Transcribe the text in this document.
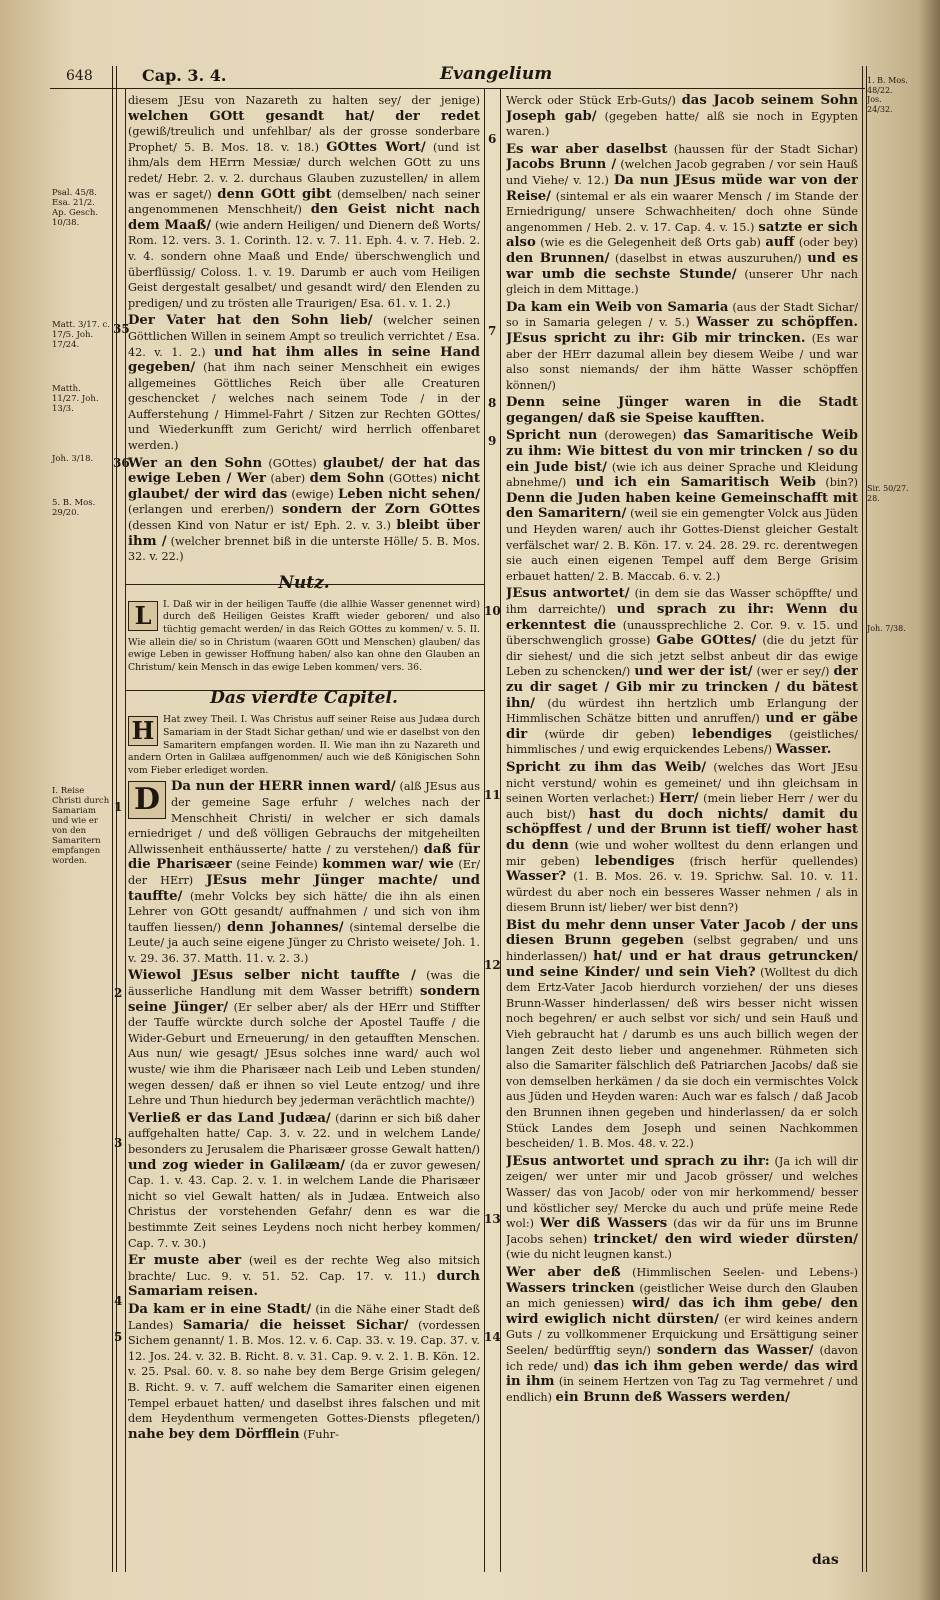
648	Cap. 3. 4.	Evangelium
Psal. 45/8. Esa. 21/2. Ap. Gesch. 10/38.
Matt. 3/17. c. 17/5. Joh. 17/24.
Matth. 11/27. Joh. 13/3.
Joh. 3/18.
5. B. Mos. 29/20.
I. Reise Christi durch Samariam und wie er von den Samaritern empfangen worden.
1. B. Mos. 48/22. Jos. 24/32.
Sir. 50/27. 28.
Joh. 7/38.
35
36
1
2
3
4
5
6
7
8
9
10
11
12
13
14

diesem JEsu von Nazareth zu halten sey/ der jenige) welchen GOtt gesandt hat/ der redet (gewiß/treulich und unfehlbar/ als der grosse sonderbare Prophet/ 5. B. Mos. 18. v. 18.) GOttes Wort/ (und ist ihm/als dem HErrn Messiæ/ durch welchen GOtt zu uns redet/ Hebr. 2. v. 2. durchaus Glauben zuzustellen/ in allem was er saget/) denn GOtt gibt (demselben/ nach seiner angenommenen Menschheit/) den Geist nicht nach dem Maaß/ (wie andern Heiligen/ und Dienern deß Worts/ Rom. 12. vers. 3. 1. Corinth. 12. v. 7. 11. Eph. 4. v. 7. Heb. 2. v. 4. sondern ohne Maaß und Ende/ überschwenglich und überflüssig/ Coloss. 1. v. 19. Darumb er auch vom Heiligen Geist dergestalt gesalbet/ und gesandt wird/ den Elenden zu predigen/ und zu trösten alle Traurigen/ Esa. 61. v. 1. 2.)

Der Vater hat den Sohn lieb/ (welcher seinen Göttlichen Willen in seinem Ampt so treulich verrichtet / Esa. 42. v. 1. 2.) und hat ihm alles in seine Hand gegeben/ (hat ihm nach seiner Menschheit ein ewiges allgemeines Göttliches Reich über alle Creaturen geschencket / welches nach seinem Tode / in der Aufferstehung / Himmel-Fahrt / Sitzen zur Rechten GOttes/ und Wiederkunfft zum Gericht/ wird herrlich offenbaret werden.)

Wer an den Sohn (GOttes) glaubet/ der hat das ewige Leben / Wer (aber) dem Sohn (GOttes) nicht glaubet/ der wird das (ewige) Leben nicht sehen/ (erlangen und ererben/) sondern der Zorn GOttes (dessen Kind von Natur er ist/ Eph. 2. v. 3.) bleibt über ihm / (welcher brennet biß in die unterste Hölle/ 5. B. Mos. 32. v. 22.)

Nutz.

L	I. Daß wir in der heiligen Tauffe (die allhie Wasser genennet wird) durch deß Heiligen Geistes Krafft wieder geboren/ und also tüchtig gemacht werden/ in das Reich GOttes zu kommen/ v. 5. II. Wie allein die/ so in Christum (waaren GOtt und Menschen) glauben/ das ewige Leben in gewisser Hoffnung haben/ also kan ohne den Glauben an Christum/ kein Mensch in das ewige Leben kommen/ vers. 36.

Das vierdte Capitel.

H Hat zwey Theil. I. Was Christus auff seiner Reise aus Judæa durch Samariam in der Stadt Sichar gethan/ und wie er daselbst von den Samaritern empfangen worden. II. Wie man ihn zu Nazareth und andern Orten in Galilæa auffgenommen/ auch wie deß Königischen Sohn vom Fieber erlediget worden.

D Da nun der HERR innen ward/ (alß JEsus aus der gemeine Sage erfuhr / welches nach der Menschheit Christi/ in welcher er sich damals erniedriget / und deß völligen Gebrauchs der mitgeheilten Allwissenheit enthäusserte/ hatte / zu verstehen/) daß für die Pharisæer (seine Feinde) kommen war/ wie (Er/ der HErr) JEsus mehr Jünger machte/ und tauffte/ (mehr Volcks bey sich hätte/ die ihn als einen Lehrer von GOtt gesandt/ auffnahmen / und sich von ihm tauffen liessen/) denn Johannes/ (sintemal derselbe die Leute/ ja auch seine eigene Jünger zu Christo weisete/ Joh. 1. v. 29. 36. 37. Matth. 11. v. 2. 3.)

Wiewol JEsus selber nicht tauffte / (was die äusserliche Handlung mit dem Wasser betrifft) sondern seine Jünger/ (Er selber aber/ als der HErr und Stiffter der Tauffe würckte durch solche der Apostel Tauffe / die Wider-Geburt und Erneuerung/ in den getaufften Menschen. Aus nun/ wie gesagt/ JEsus solches inne ward/ auch wol wuste/ wie ihm die Pharisæer nach Leib und Leben stunden/ wegen dessen/ daß er ihnen so viel Leute entzog/ und ihre Lehre und Thun hiedurch bey jederman verächtlich machte/)

Verließ er das Land Judæa/ (darinn er sich biß daher auffgehalten hatte/ Cap. 3. v. 22. und in welchem Lande/ besonders zu Jerusalem die Pharisæer grosse Gewalt hatten/) und zog wieder in Galilæam/ (da er zuvor gewesen/ Cap. 1. v. 43. Cap. 2. v. 1. in welchem Lande die Pharisæer nicht so viel Gewalt hatten/ als in Judæa. Entweich also Christus der vorstehenden Gefahr/ denn es war die bestimmte Zeit seines Leydens noch nicht herbey kommen/ Cap. 7. v. 30.)

Er muste aber (weil es der rechte Weg also mitsich brachte/ Luc. 9. v. 51. 52. Cap. 17. v. 11.) durch Samariam reisen.

Da kam er in eine Stadt/ (in die Nähe einer Stadt deß Landes) Samaria/ die heisset Sichar/ (vordessen Sichem genannt/ 1. B. Mos. 12. v. 6. Cap. 33. v. 19. Cap. 37. v. 12. Jos. 24. v. 32. B. Richt. 8. v. 31. Cap. 9. v. 2. 1. B. Kön. 12. v. 25. Psal. 60. v. 8. so nahe bey dem Berge Grisim gelegen/ B. Richt. 9. v. 7. auff welchem die Samariter einen eigenen Tempel erbauet hatten/ und daselbst ihres falschen und mit dem Heydenthum vermengeten Gottes-Diensts pflegeten/) nahe bey dem Dörfflein (Fuhr-

Werck oder Stück Erb-Guts/) das Jacob seinem Sohn Joseph gab/ (gegeben hatte/ alß sie noch in Egypten waren.)

Es war aber daselbst (haussen für der Stadt Sichar) Jacobs Brunn / (welchen Jacob gegraben / vor sein Hauß und Viehe/ v. 12.) Da nun JEsus müde war von der Reise/ (sintemal er als ein waarer Mensch / im Stande der Erniedrigung/ unsere Schwachheiten/ doch ohne Sünde angenommen / Heb. 2. v. 17. Cap. 4. v. 15.) satzte er sich also (wie es die Gelegenheit deß Orts gab) auff (oder bey) den Brunnen/ (daselbst in etwas auszuruhen/) und es war umb die sechste Stunde/ (unserer Uhr nach gleich in dem Mittage.)

Da kam ein Weib von Samaria (aus der Stadt Sichar/ so in Samaria gelegen / v. 5.) Wasser zu schöpffen. JEsus spricht zu ihr: Gib mir trincken. (Es war aber der HErr dazumal allein bey diesem Weibe / und war also sonst niemands/ der ihm hätte Wasser schöpffen können/)

Denn seine Jünger waren in die Stadt gegangen/ daß sie Speise kaufften.

Spricht nun (derowegen) das Samaritische Weib zu ihm: Wie bittest du von mir trincken / so du ein Jude bist/ (wie ich aus deiner Sprache und Kleidung abnehme/) und ich ein Samaritisch Weib (bin?) Denn die Juden haben keine Gemeinschafft mit den Samaritern/ (weil sie ein gemengter Volck aus Jüden und Heyden waren/ auch ihr Gottes-Dienst gleicher Gestalt verfälschet war/ 2. B. Kön. 17. v. 24. 28. 29. rc. derentwegen sie auch einen eigenen Tempel auff dem Berge Grisim erbauet hatten/ 2. B. Maccab. 6. v. 2.)

JEsus antwortet/ (in dem sie das Wasser schöpffte/ und ihm darreichte/) und sprach zu ihr: Wenn du erkenntest die (unaussprechliche 2. Cor. 9. v. 15. und überschwenglich grosse) Gabe GOttes/ (die du jetzt für dir siehest/ und die sich jetzt selbst anbeut dir das ewige Leben zu schencken/) und wer der ist/ (wer er sey/) der zu dir saget / Gib mir zu trincken / du bätest ihn/ (du würdest ihn hertzlich umb Erlangung der Himmlischen Schätze bitten und anruffen/) und er gäbe dir (würde dir geben) lebendiges (geistliches/ himmlisches / und ewig erquickendes Lebens/) Wasser.

Spricht zu ihm das Weib/ (welches das Wort JEsu nicht verstund/ wohin es gemeinet/ und ihn gleichsam in seinen Worten verlachet:) Herr/ (mein lieber Herr / wer du auch bist/) hast du doch nichts/ damit du schöpffest / und der Brunn ist tieff/ woher hast du denn (wie und woher wolltest du denn erlangen und mir geben) lebendiges (frisch herfür quellendes) Wasser? (1. B. Mos. 26. v. 19. Sprichw. Sal. 10. v. 11. würdest du aber noch ein besseres Wasser nehmen / als in diesem Brunn ist/ lieber/ wer bist denn?)

Bist du mehr denn unser Vater Jacob / der uns diesen Brunn gegeben (selbst gegraben/ und uns hinderlassen/) hat/ und er hat draus getruncken/ und seine Kinder/ und sein Vieh? (Wolltest du dich dem Ertz-Vater Jacob hierdurch vorziehen/ der uns dieses Brunn-Wasser hinderlassen/ deß wirs besser nicht wissen noch begehren/ er auch selbst vor sich/ und sein Hauß und Vieh gebraucht hat / darumb es uns auch billich wegen der langen Zeit desto lieber und angenehmer. Rühmeten sich also die Samariter fälschlich deß Patriarchen Jacobs/ daß sie von demselben herkämen / da sie doch ein vermischtes Volck aus Jüden und Heyden waren: Auch war es falsch / daß Jacob den Brunnen ihnen gegeben und hinderlassen/ da er solch Stück Landes dem Joseph und seinen Nachkommen bescheiden/ 1. B. Mos. 48. v. 22.)

JEsus antwortet und sprach zu ihr: (Ja ich will dir zeigen/ wer unter mir und Jacob grösser/ und welches Wasser/ das von Jacob/ oder von mir herkommend/ besser und köstlicher sey/ Mercke du auch und prüfe meine Rede wol:) Wer diß Wassers (das wir da für uns im Brunne Jacobs sehen) trincket/ den wird wieder dürsten/ (wie du nicht leugnen kanst.)

Wer aber deß (Himmlischen Seelen- und Lebens-) Wassers trincken (geistlicher Weise durch den Glauben an mich geniessen) wird/ das ich ihm gebe/ den wird ewiglich nicht dürsten/ (er wird keines andern Guts / zu vollkommener Erquickung und Ersättigung seiner Seelen/ bedürfftig seyn/) sondern das Wasser/ (davon ich rede/ und) das ich ihm geben werde/ das wird in ihm (in seinem Hertzen von Tag zu Tag vermehret / und endlich) ein Brunn deß Wassers werden/

das
